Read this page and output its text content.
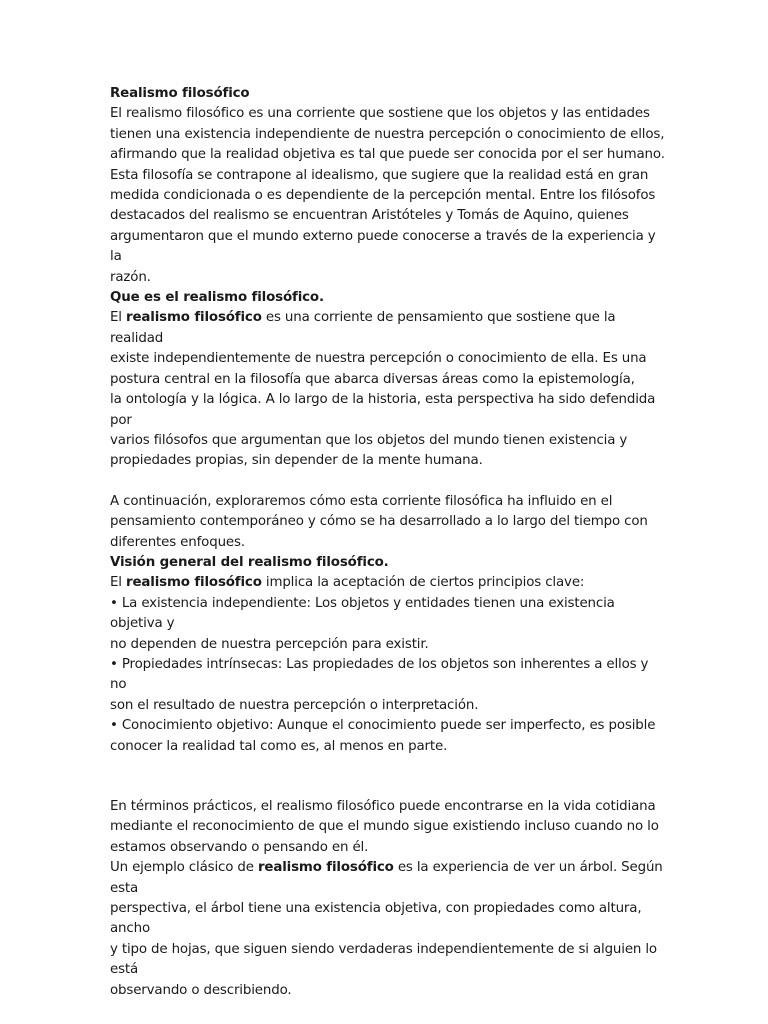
Realismo filosófico

El realismo filosófico es una corriente que sostiene que los objetos y las entidades
tienen una existencia independiente de nuestra percepción o conocimiento de ellos,
afirmando que la realidad objetiva es tal que puede ser conocida por el ser humano.
Esta filosofía se contrapone al idealismo, que sugiere que la realidad está en gran
medida condicionada o es dependiente de la percepción mental. Entre los filósofos
destacados del realismo se encuentran Aristóteles y Tomás de Aquino, quienes
argumentaron que el mundo externo puede conocerse a través de la experiencia y la
razón.

Que es el realismo filosófico.

El realismo filosófico es una corriente de pensamiento que sostiene que la realidad
existe independientemente de nuestra percepción o conocimiento de ella. Es una
postura central en la filosofía que abarca diversas áreas como la epistemología,
la ontología y la lógica. A lo largo de la historia, esta perspectiva ha sido defendida por
varios filósofos que argumentan que los objetos del mundo tienen existencia y
propiedades propias, sin depender de la mente humana.

A continuación, exploraremos cómo esta corriente filosófica ha influido en el
pensamiento contemporáneo y cómo se ha desarrollado a lo largo del tiempo con
diferentes enfoques.

Visión general del realismo filosófico.

El realismo filosófico implica la aceptación de ciertos principios clave:
• La existencia independiente: Los objetos y entidades tienen una existencia objetiva y
no dependen de nuestra percepción para existir.
• Propiedades intrínsecas: Las propiedades de los objetos son inherentes a ellos y no
son el resultado de nuestra percepción o interpretación.
• Conocimiento objetivo: Aunque el conocimiento puede ser imperfecto, es posible
conocer la realidad tal como es, al menos en parte.

En términos prácticos, el realismo filosófico puede encontrarse en la vida cotidiana
mediante el reconocimiento de que el mundo sigue existiendo incluso cuando no lo
estamos observando o pensando en él.
Un ejemplo clásico de realismo filosófico es la experiencia de ver un árbol. Según esta
perspectiva, el árbol tiene una existencia objetiva, con propiedades como altura, ancho
y tipo de hojas, que siguen siendo verdaderas independientemente de si alguien lo está
observando o describiendo.
